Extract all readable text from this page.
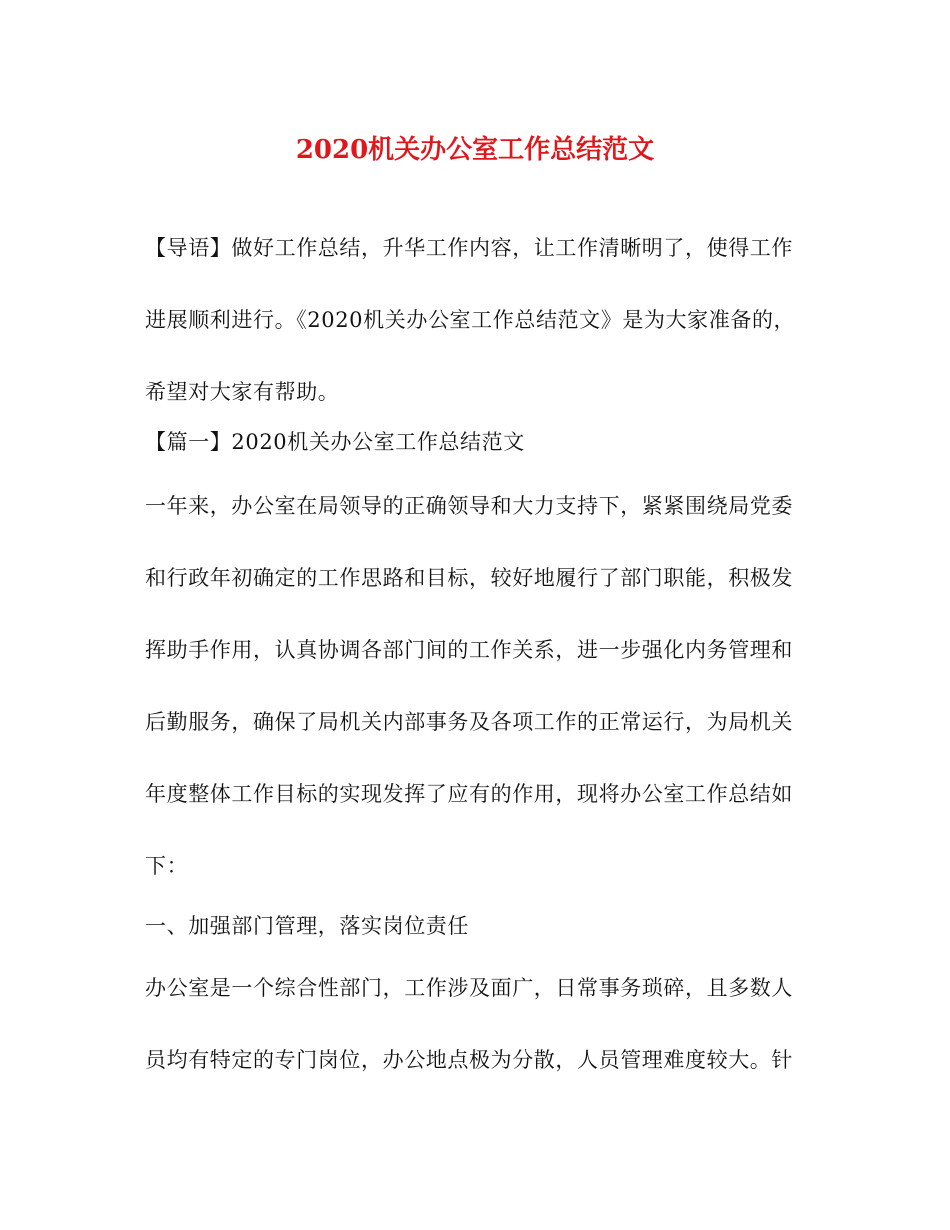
2020机关办公室工作总结范文
【导语】做好工作总结，升华工作内容，让工作清晰明了，使得工作
进展顺利进行。《2020机关办公室工作总结范文》是为大家准备的，
希望对大家有帮助。
【篇一】2020机关办公室工作总结范文
一年来，办公室在局领导的正确领导和大力支持下，紧紧围绕局党委
和行政年初确定的工作思路和目标，较好地履行了部门职能，积极发
挥助手作用，认真协调各部门间的工作关系，进一步强化内务管理和
后勤服务，确保了局机关内部事务及各项工作的正常运行，为局机关
年度整体工作目标的实现发挥了应有的作用，现将办公室工作总结如
下：
一、加强部门管理，落实岗位责任
办公室是一个综合性部门，工作涉及面广，日常事务琐碎，且多数人
员均有特定的专门岗位，办公地点极为分散，人员管理难度较大。针
